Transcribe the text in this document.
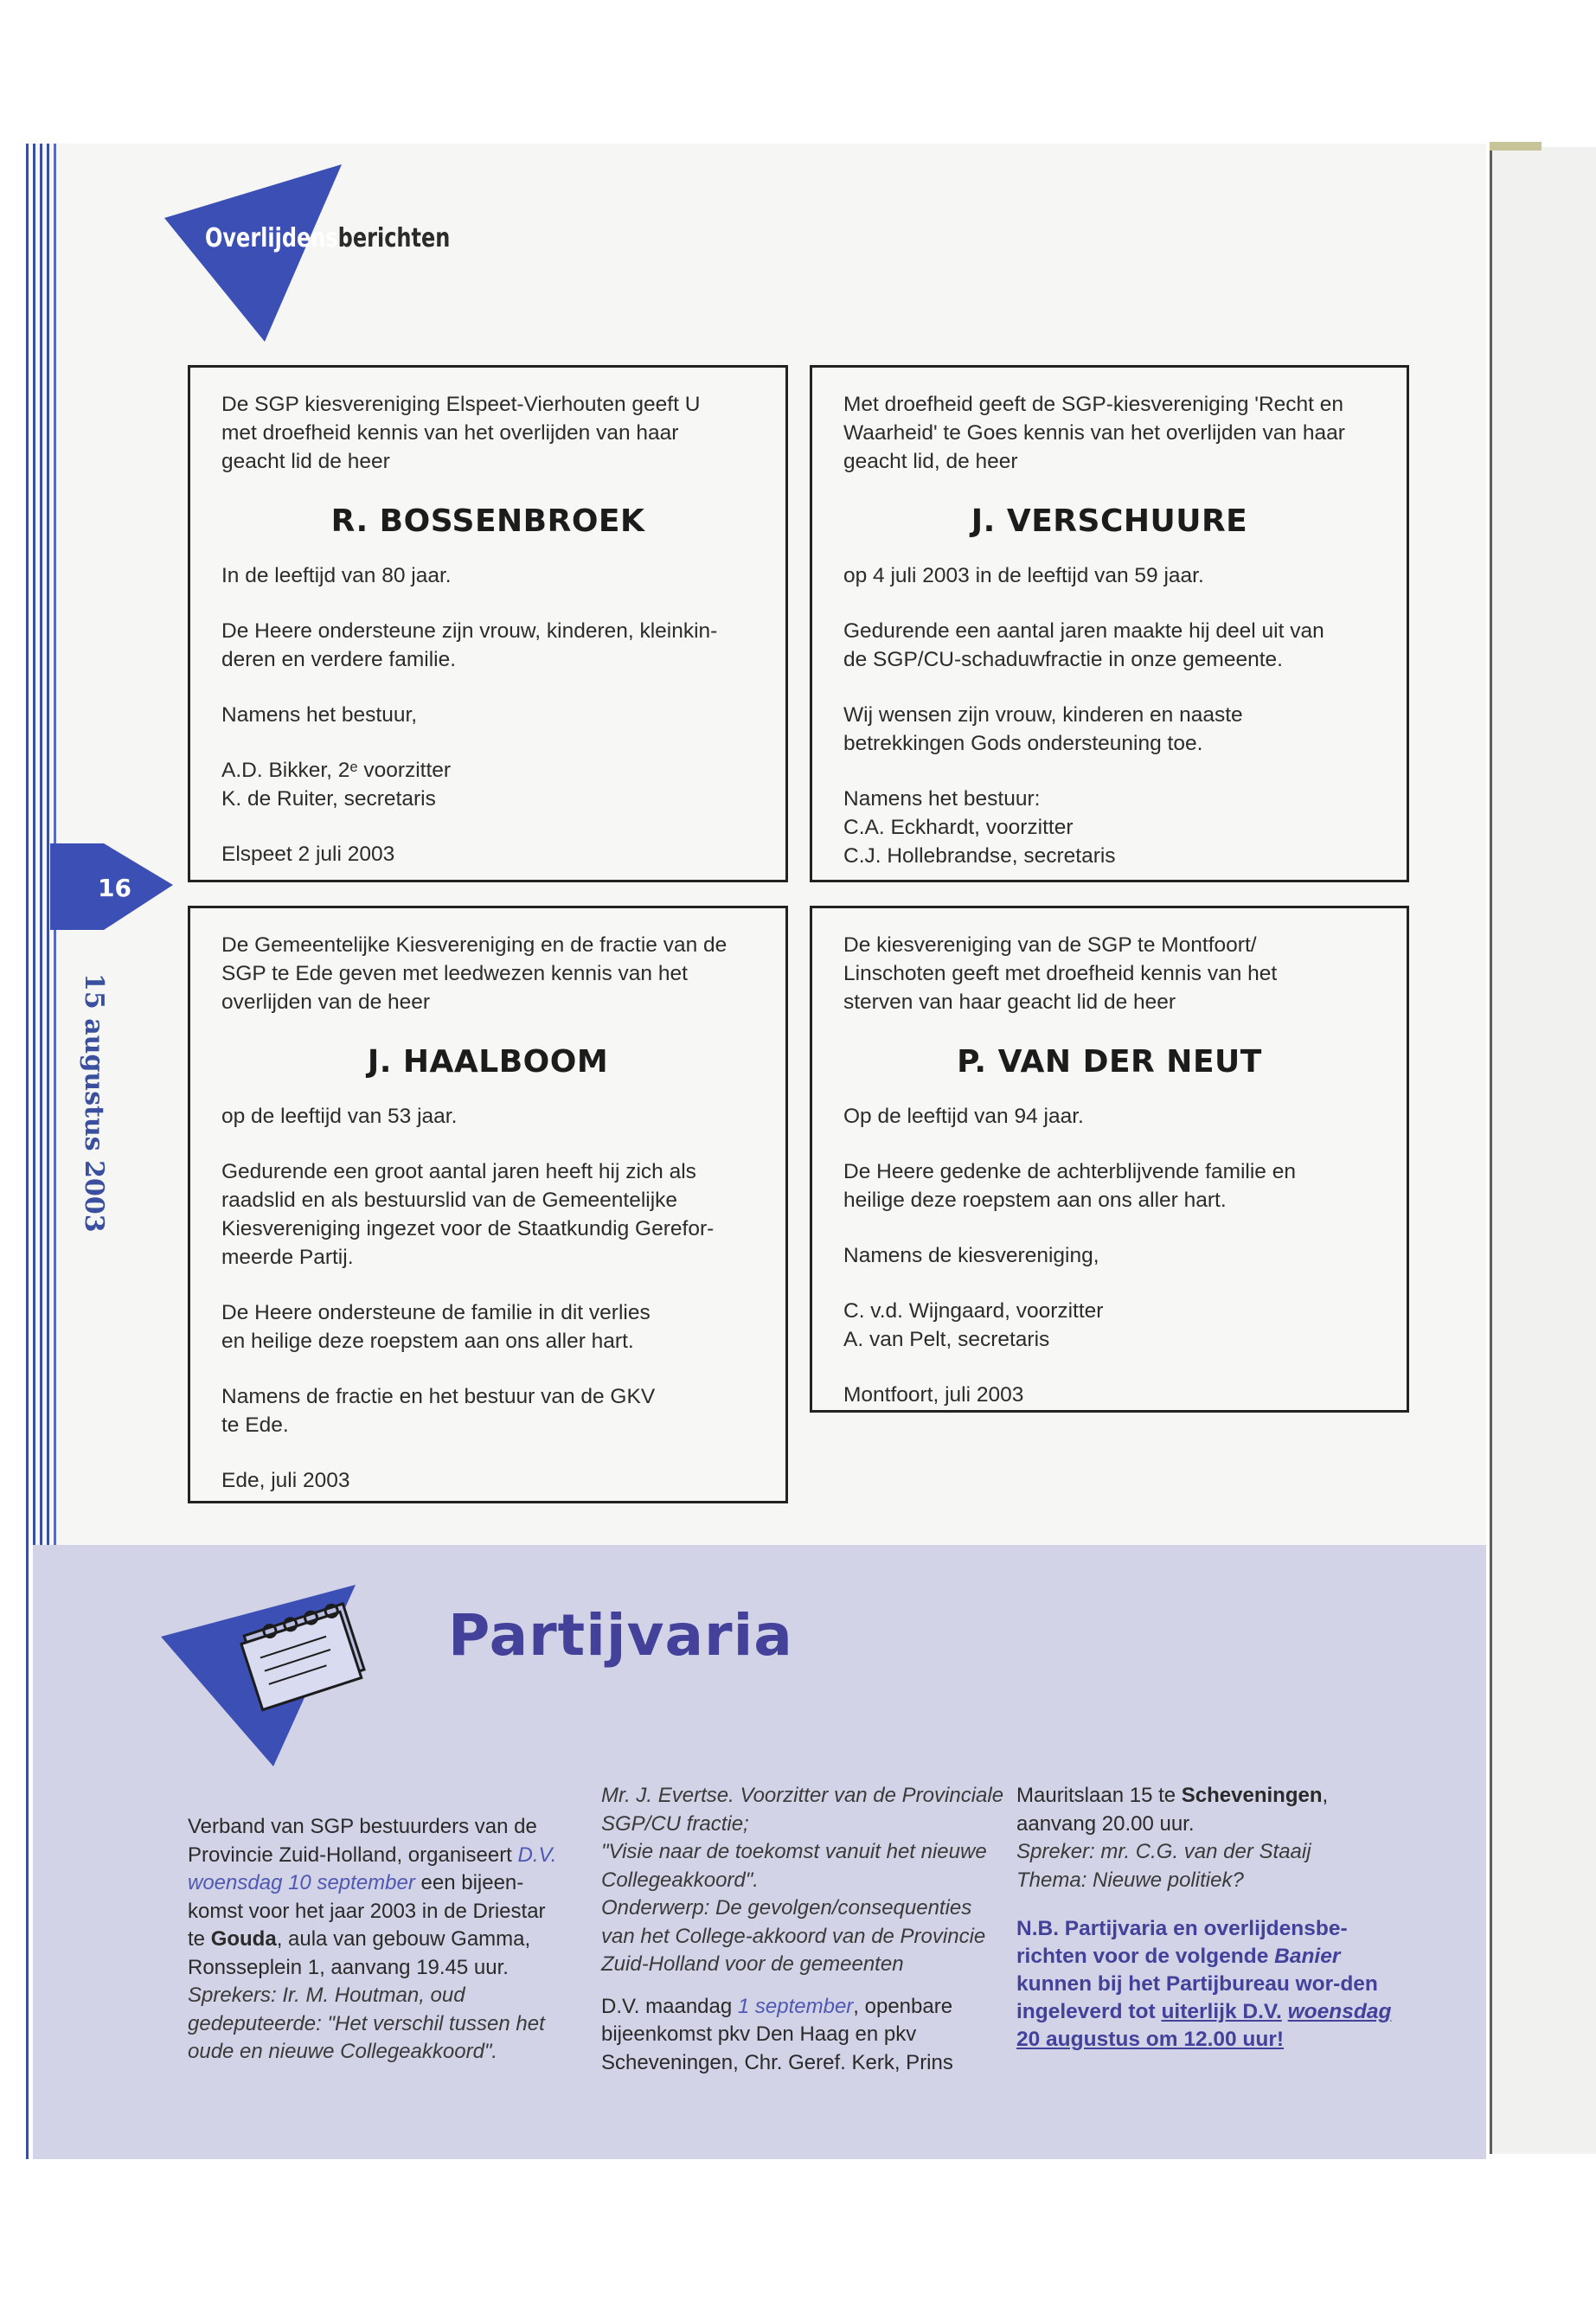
Overlijdensberichten
16
15 augustus 2003

De SGP kiesvereniging Elspeet-Vierhouten geeft U
met droefheid kennis van het overlijden van haar
geacht lid de heer

R. BOSSENBROEK

In de leeftijd van 80 jaar.

De Heere ondersteune zijn vrouw, kinderen, kleinkin-
deren en verdere familie.

Namens het bestuur,

A.D. Bikker, 2ᵉ voorzitter
K. de Ruiter, secretaris

Elspeet 2 juli 2003

Met droefheid geeft de SGP-kiesvereniging 'Recht en
Waarheid' te Goes kennis van het overlijden van haar
geacht lid, de heer

J. VERSCHUURE

op 4 juli 2003 in de leeftijd van 59 jaar.

Gedurende een aantal jaren maakte hij deel uit van
de SGP/CU-schaduwfractie in onze gemeente.

Wij wensen zijn vrouw, kinderen en naaste
betrekkingen Gods ondersteuning toe.

Namens het bestuur:
C.A. Eckhardt, voorzitter
C.J. Hollebrandse, secretaris

De Gemeentelijke Kiesvereniging en de fractie van de
SGP te Ede geven met leedwezen kennis van het
overlijden van de heer

J. HAALBOOM

op de leeftijd van 53 jaar.

Gedurende een groot aantal jaren heeft hij zich als
raadslid en als bestuurslid van de Gemeentelijke
Kiesvereniging ingezet voor de Staatkundig Gerefor-
meerde Partij.

De Heere ondersteune de familie in dit verlies
en heilige deze roepstem aan ons aller hart.

Namens de fractie en het bestuur van de GKV
te Ede.

Ede, juli 2003

De kiesvereniging van de SGP te Montfoort/
Linschoten geeft met droefheid kennis van het
sterven van haar geacht lid de heer

P. VAN DER NEUT

Op de leeftijd van 94 jaar.

De Heere gedenke de achterblijvende familie en
heilige deze roepstem aan ons aller hart.

Namens de kiesvereniging,

C. v.d. Wijngaard, voorzitter
A. van Pelt, secretaris

Montfoort, juli 2003

Partijvaria

Verband van SGP bestuurders van de Provincie Zuid-Holland, organiseert D.V. woensdag 10 september een bijeen-komst voor het jaar 2003 in de Driestar te Gouda, aula van gebouw Gamma, Ronsseplein 1, aanvang 19.45 uur.

Sprekers: Ir. M. Houtman, oud gedeputeerde: "Het verschil tussen het oude en nieuwe Collegeakkoord".

Mr. J. Evertse. Voorzitter van de Provinciale SGP/CU fractie;

"Visie naar de toekomst vanuit het nieuwe Collegeakkoord".

Onderwerp: De gevolgen/consequenties van het College-akkoord van de Provincie Zuid-Holland voor de gemeenten

D.V. maandag 1 september, openbare bijeenkomst pkv Den Haag en pkv Scheveningen, Chr. Geref. Kerk, Prins

Mauritslaan 15 te Scheveningen, aanvang 20.00 uur.

Spreker: mr. C.G. van der Staaij

Thema: Nieuwe politiek?

N.B. Partijvaria en overlijdensbe-richten voor de volgende Banier kunnen bij het Partijbureau wor-den ingeleverd tot uiterlijk D.V. woensdag 20 augustus om 12.00 uur!
